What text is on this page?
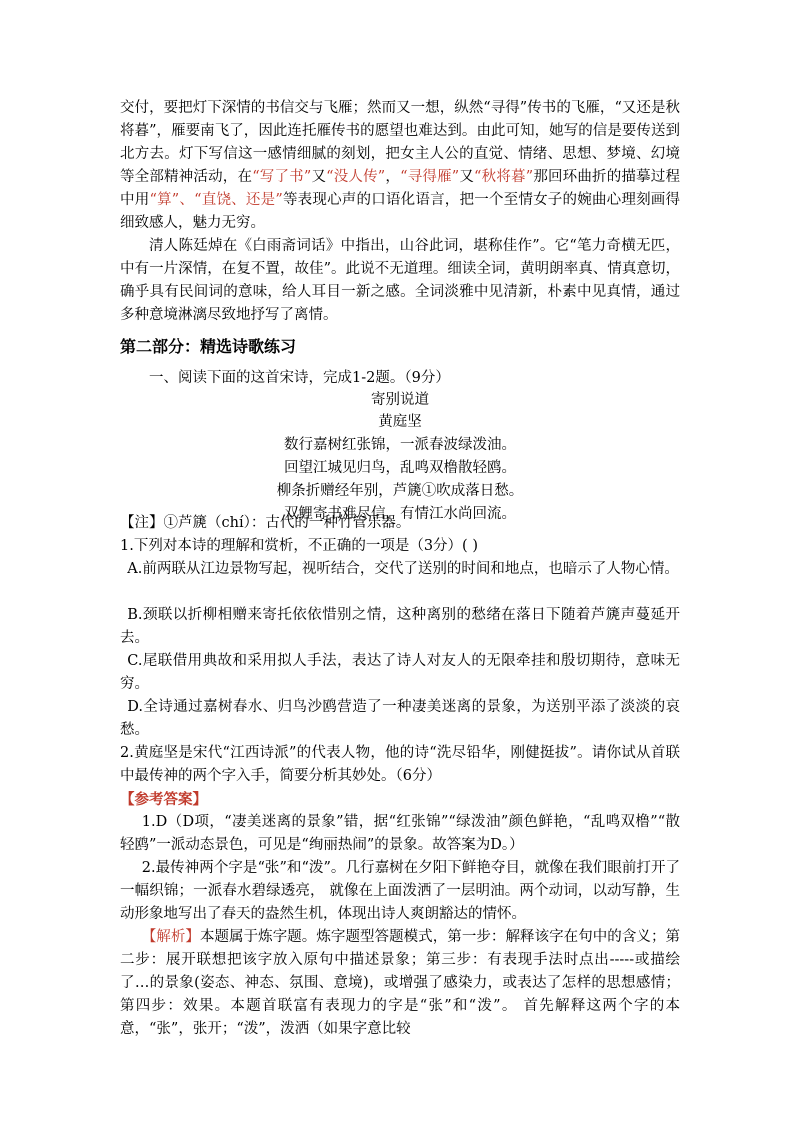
交付，要把灯下深情的书信交与飞雁；然而又一想，纵然“寻得”传书的飞雁，“又还是秋将暮”，雁要南飞了，因此连托雁传书的愿望也难达到。由此可知，她写的信是要传送到北方去。灯下写信这一感情细腻的刻划，把女主人公的直觉、情绪、思想、梦境、幻境等全部精神活动，在“写了书”又“没人传”，“寻得雁”又“秋将暮”那回环曲折的描摹过程中用“算”、“直饶、还是”等表现心声的口语化语言，把一个至情女子的婉曲心理刻画得细致感人，魅力无穷。
清人陈廷焯在《白雨斋词话》中指出，山谷此词，堪称佳作”。它“笔力奇横无匹，中有一片深情，在复不置，故佳”。此说不无道理。细读全词，黄明朗率真、情真意切，确乎具有民间词的意味，给人耳目一新之感。全词淡雅中见清新，朴素中见真情，通过多种意境淋漓尽致地抒写了离情。
第二部分：精选诗歌练习
一、阅读下面的这首宋诗，完成1-2题。（9分）
寄别说道
黄庭坚
数行嘉树红张锦，一派春波绿泼油。
回望江城见归鸟，乱鸣双橹散轻鸥。
柳条折赠经年别，芦篪①吹成落日愁。
双鲤寄书难尽信，有情江水尚回流。
【注】①芦篪（chí）：古代的一种竹管乐器。
1.下列对本诗的理解和赏析，不正确的一项是（3分）( )
A.前两联从江边景物写起，视听结合，交代了送别的时间和地点，也暗示了人物心情。
B.颈联以折柳相赠来寄托依依惜别之情，这种离别的愁绪在落日下随着芦篪声蔓延开去。
C.尾联借用典故和采用拟人手法，表达了诗人对友人的无限牵挂和殷切期待，意味无穷。
D.全诗通过嘉树春水、归鸟沙鸥营造了一种凄美迷离的景象，为送别平添了淡淡的哀愁。
2.黄庭坚是宋代“江西诗派”的代表人物，他的诗“洗尽铅华，刚健挺拔”。请你试从首联中最传神的两个字入手，简要分析其妙处。（6分）
【参考答案】
1.D（D项，“凄美迷离的景象”错，据“红张锦”“绿泼油”颜色鲜艳，“乱鸣双橹”“散轻鸥”一派动态景色，可见是“绚丽热闹”的景象。故答案为D。）
2.最传神两个字是“张”和“泼”。几行嘉树在夕阳下鲜艳夺目，就像在我们眼前打开了一幅织锦；一派春水碧绿透亮， 就像在上面泼洒了一层明油。两个动词，以动写静，生动形象地写出了春天的盎然生机，体现出诗人爽朗豁达的情怀。
【解析】本题属于炼字题。炼字题型答题模式，第一步：解释该字在句中的含义；第二步：展开联想把该字放入原句中描述景象；第三步：有表现手法时点出-----或描绘了…的景象(姿态、神态、氛围、意境)，或增强了感染力，或表达了怎样的思想感情；第四步：效果。本题首联富有表现力的字是“张”和“泼”。 首先解释这两个字的本意，“张”，张开；“泼”，泼洒（如果字意比较
